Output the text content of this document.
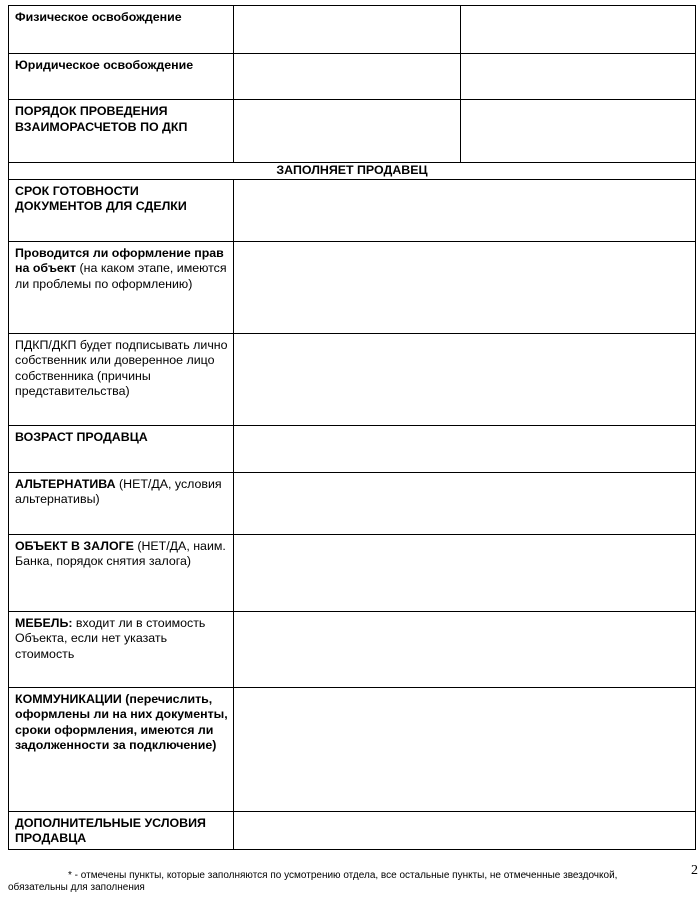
Физическое освобождение		
Юридическое освобождение		
ПОРЯДОК ПРОВЕДЕНИЯ ВЗАИМОРАСЧЕТОВ ПО ДКП		
ЗАПОЛНЯЕТ ПРОДАВЕЦ		
СРОК ГОТОВНОСТИ ДОКУМЕНТОВ ДЛЯ СДЕЛКИ		
Проводится ли оформление прав на объект (на каком этапе, имеются ли проблемы по оформлению)		
ПДКП/ДКП будет подписывать лично собственник или доверенное лицо собственника (причины представительства)		
ВОЗРАСТ ПРОДАВЦА		
АЛЬТЕРНАТИВА (НЕТ/ДА, условия альтернативы)		
ОБЪЕКТ В ЗАЛОГЕ (НЕТ/ДА, наим. Банка, порядок снятия залога)		
МЕБЕЛЬ: входит ли в стоимость Объекта, если нет указать стоимость		
КОММУНИКАЦИИ (перечислить, оформлены ли на них документы, сроки оформления, имеются ли задолженности за подключение)		
ДОПОЛНИТЕЛЬНЫЕ УСЛОВИЯ ПРОДАВЦА		
* - отмечены пункты, которые заполняются по усмотрению отдела, все остальные пункты, не отмеченные звездочкой,
обязательны для заполнения
2
